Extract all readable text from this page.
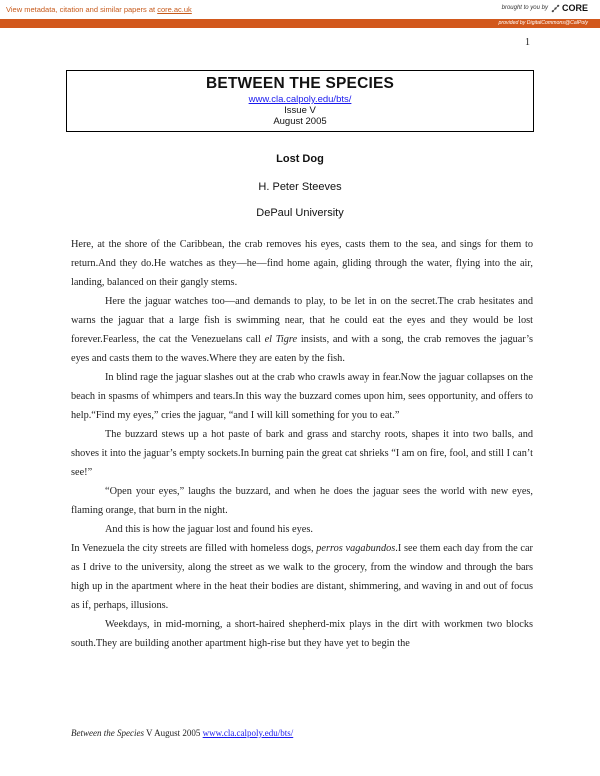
View metadata, citation and similar papers at core.ac.uk	brought to you by CORE
provided by DigitalCommons@CalPoly
1
BETWEEN THE SPECIES
www.cla.calpoly.edu/bts/
Issue V
August 2005
Lost Dog
H. Peter Steeves
DePaul University

Here, at the shore of the Caribbean, the crab removes his eyes, casts them to the sea, and sings for them to return.And they do.He watches as they—he—find home again, gliding through the water, flying into the air, landing, balanced on their gangly stems.

Here the jaguar watches too—and demands to play, to be let in on the secret.The crab hesitates and warns the jaguar that a large fish is swimming near, that he could eat the eyes and they would be lost forever.Fearless, the cat the Venezuelans call el Tigre insists, and with a song, the crab removes the jaguar’s eyes and casts them to the waves.Where they are eaten by the fish.

In blind rage the jaguar slashes out at the crab who crawls away in fear.Now the jaguar collapses on the beach in spasms of whimpers and tears.In this way the buzzard comes upon him, sees opportunity, and offers to help.“Find my eyes,” cries the jaguar, “and I will kill something for you to eat.”

The buzzard stews up a hot paste of bark and grass and starchy roots, shapes it into two balls, and shoves it into the jaguar’s empty sockets.In burning pain the great cat shrieks “I am on fire, fool, and still I can’t see!”

“Open your eyes,” laughs the buzzard, and when he does the jaguar sees the world with new eyes, flaming orange, that burn in the night.

And this is how the jaguar lost and found his eyes.

In Venezuela the city streets are filled with homeless dogs, perros vagabundos.I see them each day from the car as I drive to the university, along the street as we walk to the grocery, from the window and through the bars high up in the apartment where in the heat their bodies are distant, shimmering, and waving in and out of focus as if, perhaps, illusions.

Weekdays, in mid-morning, a short-haired shepherd-mix plays in the dirt with workmen two blocks south.They are building another apartment high-rise but they have yet to begin the

Between the Species V August 2005 www.cla.calpoly.edu/bts/
